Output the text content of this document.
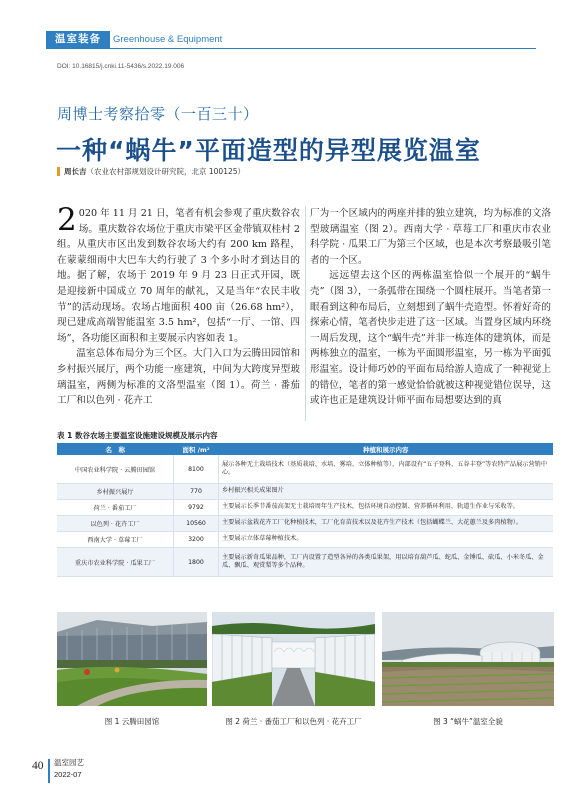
温室装备	Greenhouse & Equipment
DOI: 10.16815/j.cnki.11-5436/s.2022.19.006
周博士考察拾零（一百三十）
一种“蜗牛”平面造型的异型展览温室
周长吉（农业农村部规划设计研究院，北京 100125）

2 020 年 11 月 21 日，笔者有机会参观了重庆数谷农场。重庆数谷农场位于重庆市梁平区金带镇双桂村 2 组。从重庆市区出发到数谷农场大约有 200 km 路程，在蒙蒙细雨中大巴车大约行驶了 3 个多小时才到达目的地。据了解，农场于 2019 年 9 月 23 日正式开园，既是迎接新中国成立 70 周年的献礼，又是当年“农民丰收节”的活动现场。农场占地面积 400 亩（26.68 hm²），现已建成高端智能温室 3.5 hm²，包括“一厅、一馆、四场”，各功能区面积和主要展示内容如表 1。

温室总体布局分为三个区。大门入口为云腾田园馆和乡村振兴展厅，两个功能一座建筑，中间为大跨度异型玻璃温室，两侧为标准的文洛型温室（图 1）。荷兰 · 番茄工厂和以色列 · 花卉工

厂为一个区域内的两座并排的独立建筑，均为标准的文洛型玻璃温室（图 2）。西南大学 · 草莓工厂和重庆市农业科学院 · 瓜果工厂为第三个区域，也是本次考察最吸引笔者的一个区。

远远望去这个区的两栋温室恰似一个展开的“蜗牛壳”（图 3），一条弧带在围绕一个圆柱展开。当笔者第一眼看到这种布局后，立刻想到了蜗牛壳造型。怀着好奇的探索心情，笔者快步走进了这一区域。当置身区域内环绕一周后发现，这个“蜗牛壳”并非一栋连体的建筑体，而是两栋独立的温室，一栋为平面圆形温室，另一栋为平面弧形温室。设计师巧妙的平面布局给游人造成了一种视觉上的错位，笔者的第一感觉恰恰就被这种视觉错位误导，这或许也正是建筑设计师平面布局想要达到的真

表 1 数谷农场主要温室设施建设规模及展示内容
名　称	面积 /m²	种植和展示内容
中国农业科学院 · 云腾田园馆	8100	展示各种无土栽培技术（基质栽培、水培、雾培、立体种植等），内部设有“五子登科、五谷丰登”等农特产品展示营销中心。
乡村振兴展厅	770	乡村振兴相关成果图片
荷兰 · 番茄工厂	9792	主要展示长季节番茄高架无土栽培周年生产技术，包括环境自动控制、营养循环利用、轨道生作业与采收等。
以色列 · 花卉工厂	10560	主要展示盆栽花卉工厂化种植技术，工厂化育苗技术以及花卉生产技术（包括蝴蝶兰、大花蕙兰及多肉植物）。
西南大学 · 草莓工厂	3200	主要展示立体草莓种植技术。
重庆市农业科学院 · 瓜果工厂	1800	主要展示新奇瓜果品种，工厂内设置了造型各异的各类瓜果架，用以培育葫芦瓜、蛇瓜、金锤瓜、砍瓜、小米冬瓜、金瓜、飘瓜、观赏梨等多个品种。
图 1 云腾田园馆	图 2 荷兰 · 番茄工厂和以色列 · 花卉工厂	图 3 “蜗牛”温室全貌
40 温室园艺
2022-07
